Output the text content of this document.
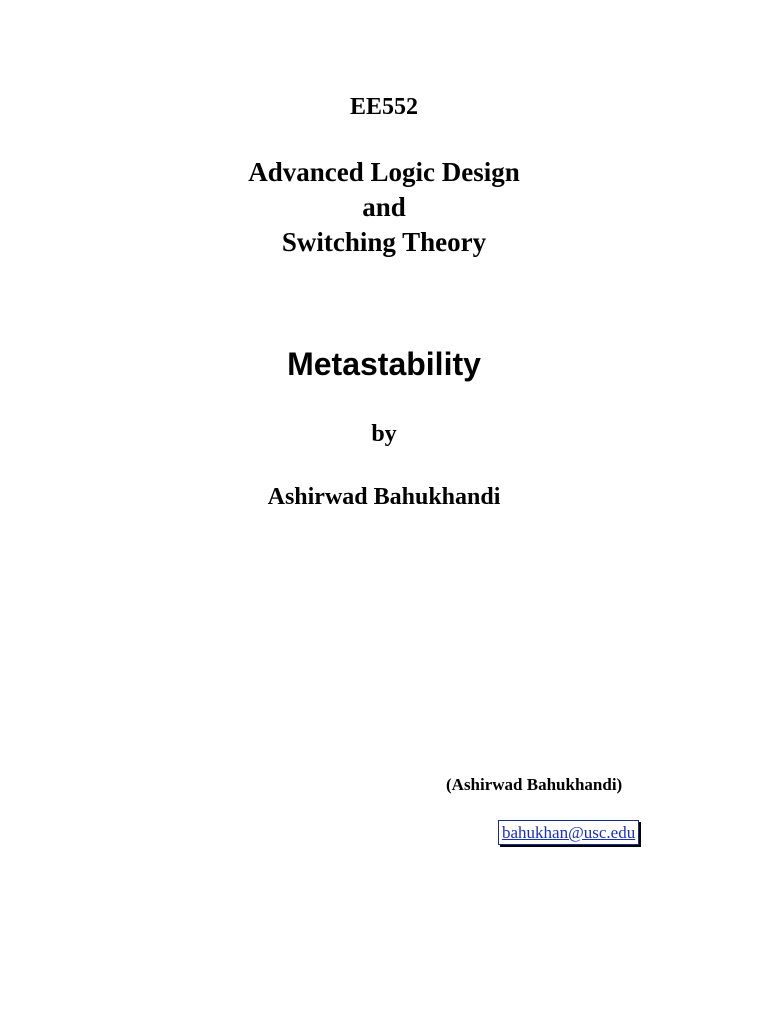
EE552
Advanced Logic Design
and
Switching Theory
Metastability
by
Ashirwad Bahukhandi
(Ashirwad Bahukhandi)
bahukhan@usc.edu
